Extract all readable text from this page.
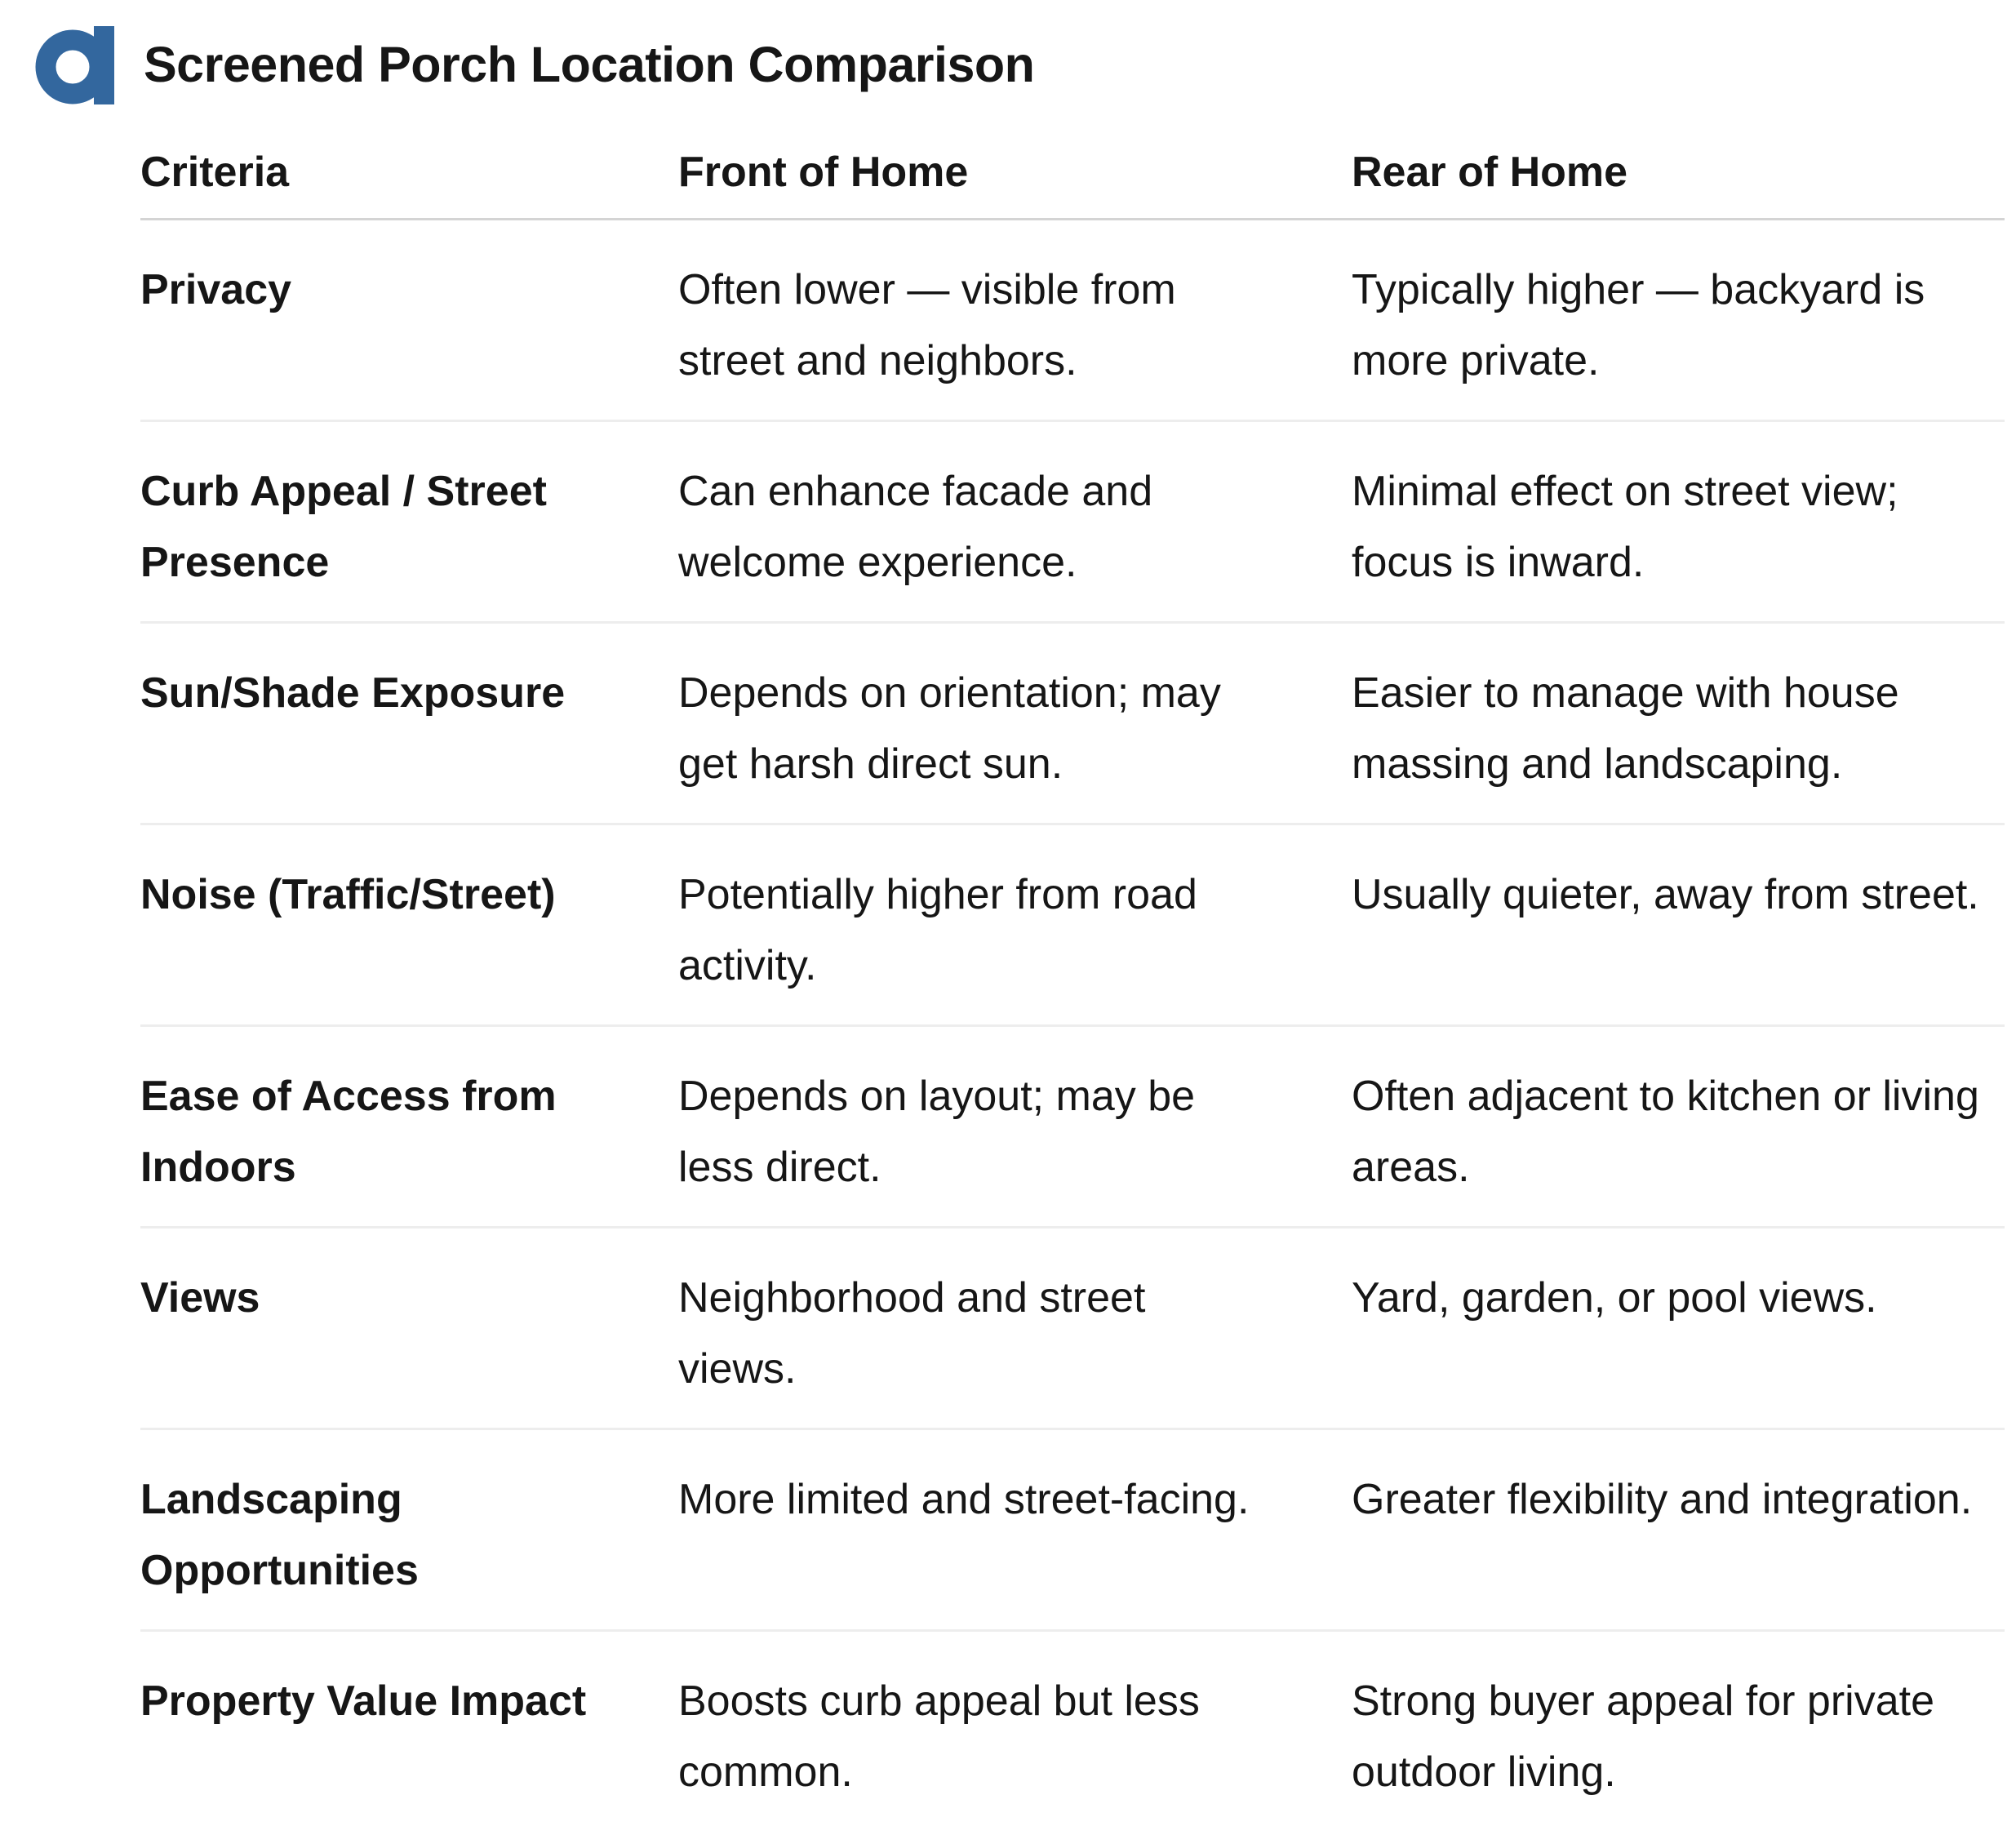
Screened Porch Location Comparison
Criteria	Front of Home	Rear of Home
Privacy	Often lower — visible from street and neighbors.	Typically higher — backyard is more private.
Curb Appeal / Street Presence	Can enhance facade and welcome experience.	Minimal effect on street view; focus is inward.
Sun/Shade Exposure	Depends on orientation; may get harsh direct sun.	Easier to manage with house massing and landscaping.
Noise (Traffic/Street)	Potentially higher from road activity.	Usually quieter, away from street.
Ease of Access from Indoors	Depends on layout; may be less direct.	Often adjacent to kitchen or living areas.
Views	Neighborhood and street views.	Yard, garden, or pool views.
Landscaping Opportunities	More limited and street-facing.	Greater flexibility and integration.
Property Value Impact	Boosts curb appeal but less common.	Strong buyer appeal for private outdoor living.
